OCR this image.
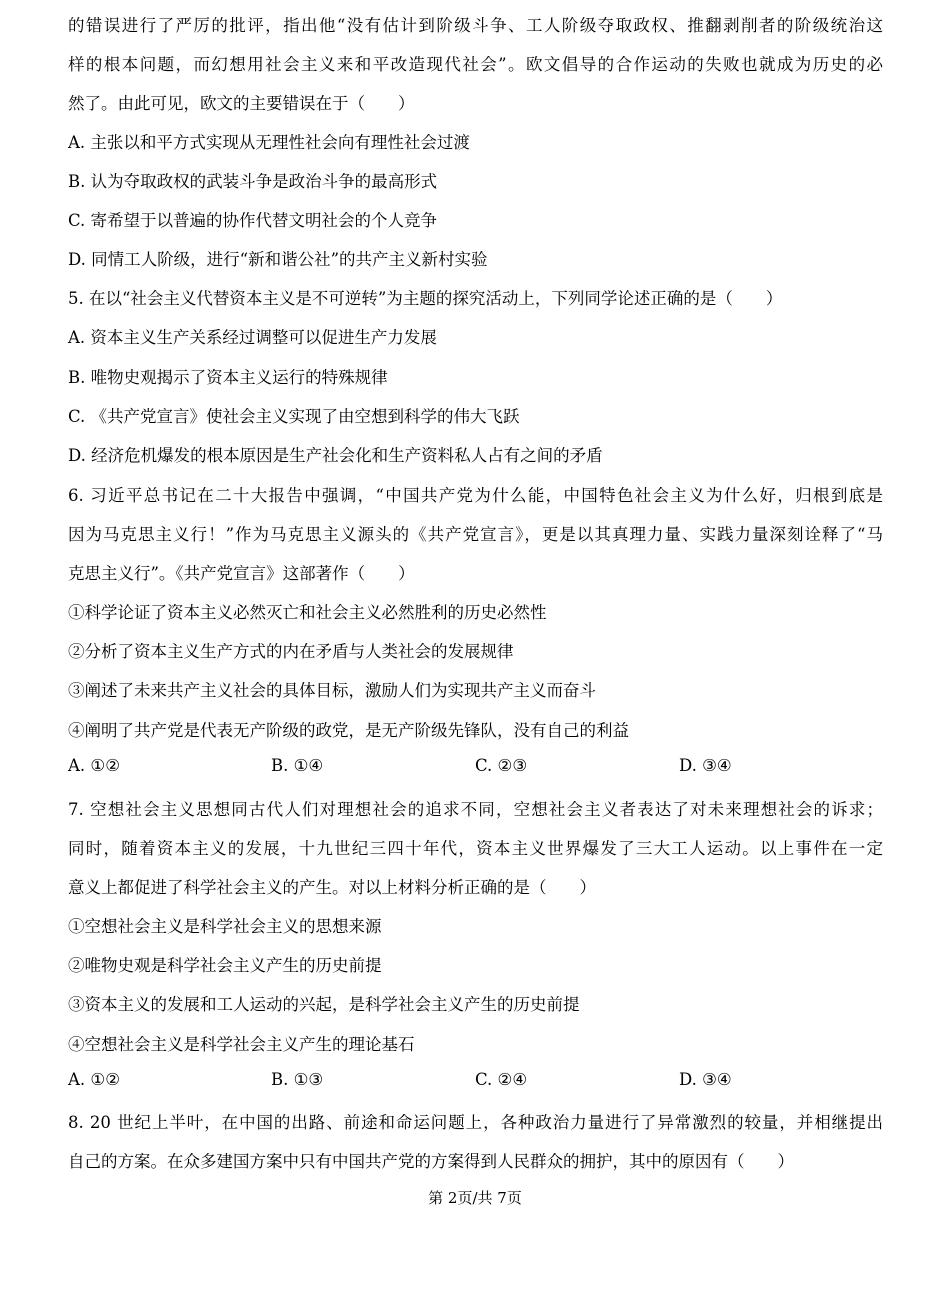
的错误进行了严厉的批评，指出他“没有估计到阶级斗争、工人阶级夺取政权、推翻剥削者的阶级统治这
样的根本问题，而幻想用社会主义来和平改造现代社会”。欧文倡导的合作运动的失败也就成为历史的必
然了。由此可见，欧文的主要错误在于（　　）
A. 主张以和平方式实现从无理性社会向有理性社会过渡
B. 认为夺取政权的武装斗争是政治斗争的最高形式
C. 寄希望于以普遍的协作代替文明社会的个人竞争
D. 同情工人阶级，进行“新和谐公社”的共产主义新村实验
5. 在以“社会主义代替资本主义是不可逆转”为主题的探究活动上，下列同学论述正确的是（　　）
A. 资本主义生产关系经过调整可以促进生产力发展
B. 唯物史观揭示了资本主义运行的特殊规律
C. 《共产党宣言》使社会主义实现了由空想到科学的伟大飞跃
D. 经济危机爆发的根本原因是生产社会化和生产资料私人占有之间的矛盾
6. 习近平总书记在二十大报告中强调，“中国共产党为什么能，中国特色社会主义为什么好，归根到底是
因为马克思主义行！”作为马克思主义源头的《共产党宣言》，更是以其真理力量、实践力量深刻诠释了“马
克思主义行”。《共产党宣言》这部著作（　　）
①科学论证了资本主义必然灭亡和社会主义必然胜利的历史必然性
②分析了资本主义生产方式的内在矛盾与人类社会的发展规律
③阐述了未来共产主义社会的具体目标，激励人们为实现共产主义而奋斗
④阐明了共产党是代表无产阶级的政党，是无产阶级先锋队，没有自己的利益
A. ①②	B. ①④	C. ②③	D. ③④
7. 空想社会主义思想同古代人们对理想社会的追求不同，空想社会主义者表达了对未来理想社会的诉求；
同时，随着资本主义的发展，十九世纪三四十年代，资本主义世界爆发了三大工人运动。以上事件在一定
意义上都促进了科学社会主义的产生。对以上材料分析正确的是（　　）
①空想社会主义是科学社会主义的思想来源
②唯物史观是科学社会主义产生的历史前提
③资本主义的发展和工人运动的兴起，是科学社会主义产生的历史前提
④空想社会主义是科学社会主义产生的理论基石
A. ①②	B. ①③	C. ②④	D. ③④
8. 20 世纪上半叶，在中国的出路、前途和命运问题上，各种政治力量进行了异常激烈的较量，并相继提出
自己的方案。在众多建国方案中只有中国共产党的方案得到人民群众的拥护，其中的原因有（　　）
第 2页/共 7页
